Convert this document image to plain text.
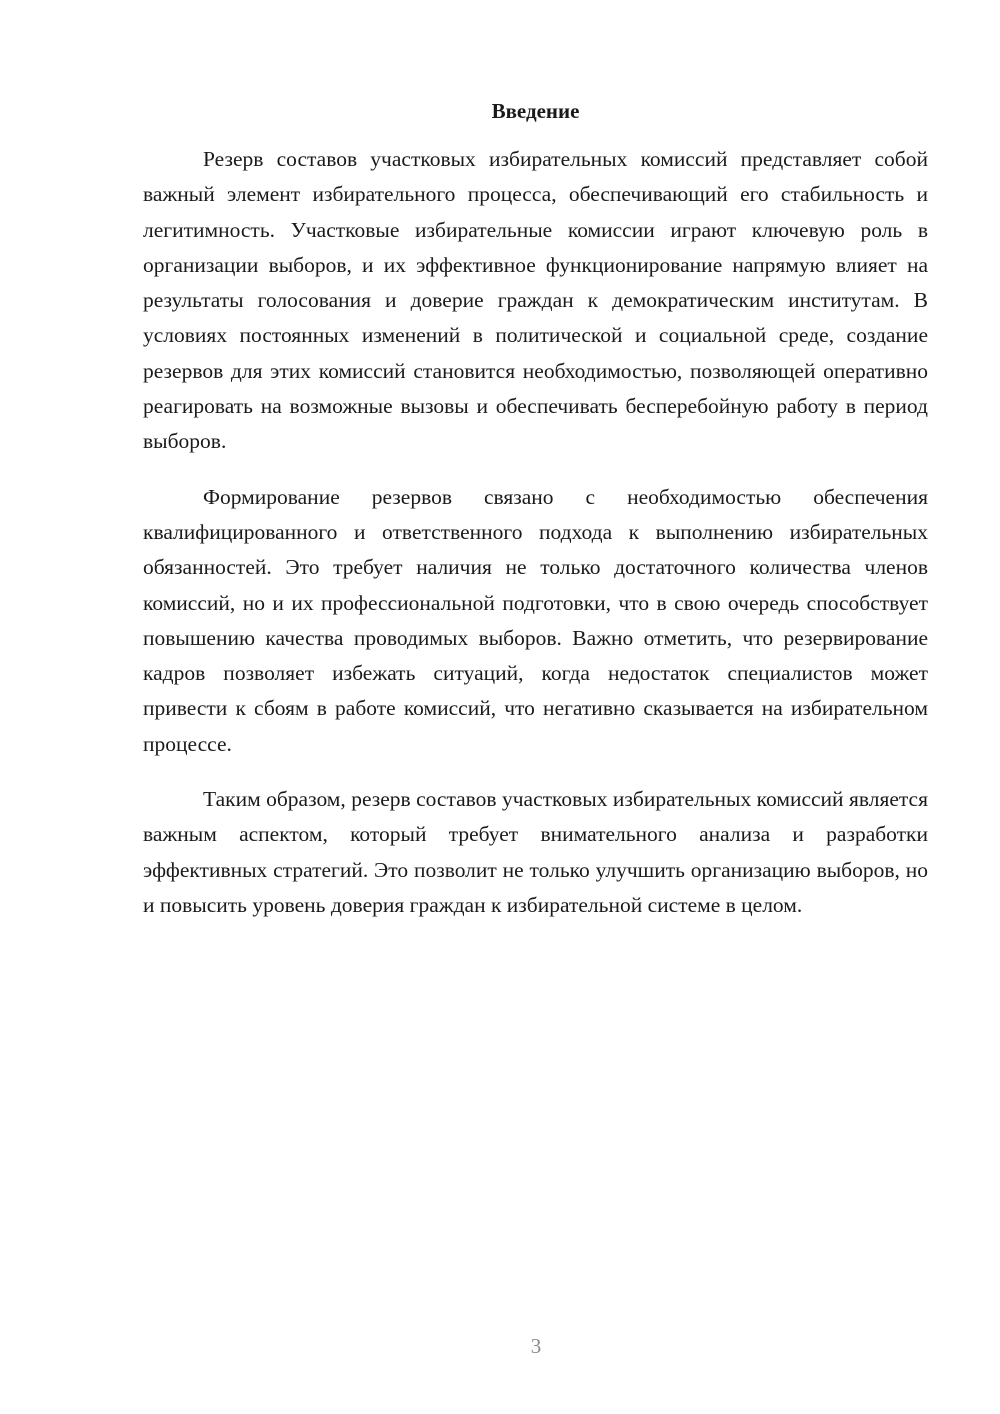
Введение

Резерв составов участковых избирательных комиссий представляет собой важный элемент избирательного процесса, обеспечивающий его стабильность и легитимность. Участковые избирательные комиссии играют ключевую роль в организации выборов, и их эффективное функционирование напрямую влияет на результаты голосования и доверие граждан к демократическим институтам. В условиях постоянных изменений в политической и социальной среде, создание резервов для этих комиссий становится необходимостью, позволяющей оперативно реагировать на возможные вызовы и обеспечивать бесперебойную работу в период выборов.

Формирование резервов связано с необходимостью обеспечения квалифицированного и ответственного подхода к выполнению избирательных обязанностей. Это требует наличия не только достаточного количества членов комиссий, но и их профессиональной подготовки, что в свою очередь способствует повышению качества проводимых выборов. Важно отметить, что резервирование кадров позволяет избежать ситуаций, когда недостаток специалистов может привести к сбоям в работе комиссий, что негативно сказывается на избирательном процессе.

Таким образом, резерв составов участковых избирательных комиссий является важным аспектом, который требует внимательного анализа и разработки эффективных стратегий. Это позволит не только улучшить организацию выборов, но и повысить уровень доверия граждан к избирательной системе в целом.

3
